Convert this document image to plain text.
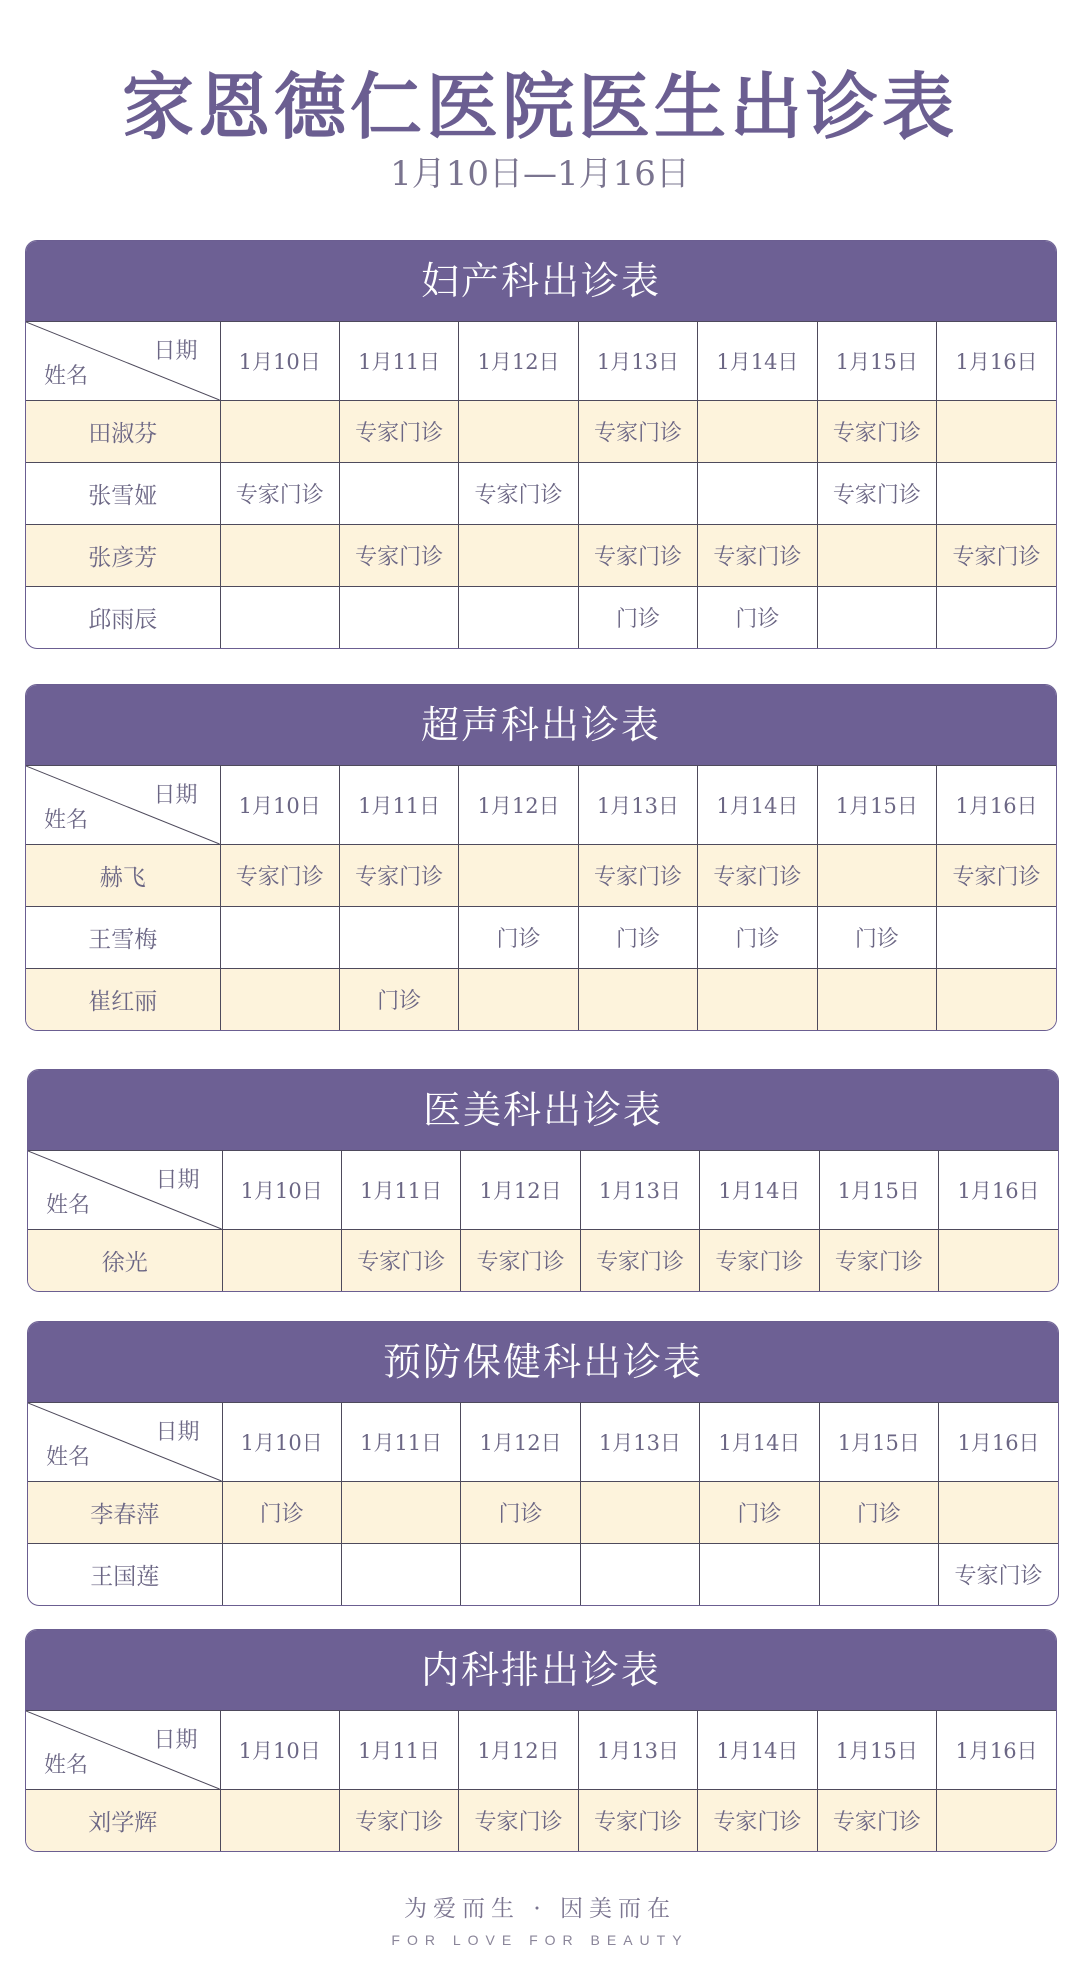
家恩德仁医院医生出诊表
1月10日—1月16日
妇产科出诊表
日期
姓名	1月10日	1月11日	1月12日	1月13日	1月14日	1月15日	1月16日
田淑芬		专家门诊		专家门诊		专家门诊	
张雪娅	专家门诊		专家门诊			专家门诊	
张彦芳		专家门诊		专家门诊	专家门诊		专家门诊
邱雨辰				门诊	门诊		
超声科出诊表
日期
姓名	1月10日	1月11日	1月12日	1月13日	1月14日	1月15日	1月16日
赫飞	专家门诊	专家门诊		专家门诊	专家门诊		专家门诊
王雪梅			门诊	门诊	门诊	门诊	
崔红丽		门诊					
医美科出诊表
日期
姓名	1月10日	1月11日	1月12日	1月13日	1月14日	1月15日	1月16日
徐光		专家门诊	专家门诊	专家门诊	专家门诊	专家门诊	
预防保健科出诊表
日期
姓名	1月10日	1月11日	1月12日	1月13日	1月14日	1月15日	1月16日
李春萍	门诊		门诊		门诊	门诊	
王国莲							专家门诊
内科排出诊表
日期
姓名	1月10日	1月11日	1月12日	1月13日	1月14日	1月15日	1月16日
刘学辉		专家门诊	专家门诊	专家门诊	专家门诊	专家门诊	
为爱而生 · 因美而在
FOR LOVE FOR BEAUTY
